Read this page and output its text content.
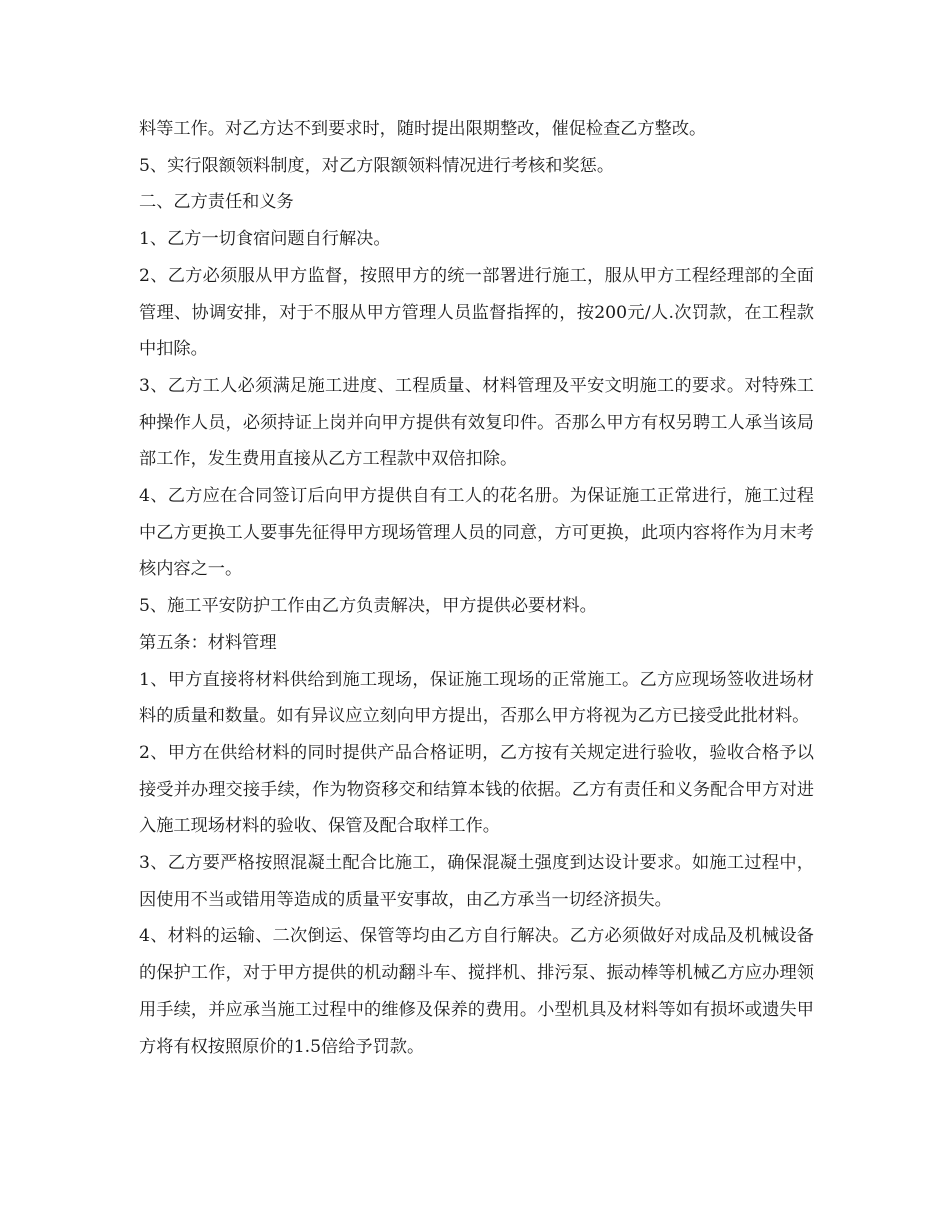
料等工作。对乙方达不到要求时，随时提出限期整改，催促检查乙方整改。

5、实行限额领料制度，对乙方限额领料情况进行考核和奖惩。

二、乙方责任和义务

1、乙方一切食宿问题自行解决。

2、乙方必须服从甲方监督，按照甲方的统一部署进行施工，服从甲方工程经理部的全面管理、协调安排，对于不服从甲方管理人员监督指挥的，按200元/人.次罚款，在工程款中扣除。

3、乙方工人必须满足施工进度、工程质量、材料管理及平安文明施工的要求。对特殊工种操作人员，必须持证上岗并向甲方提供有效复印件。否那么甲方有权另聘工人承当该局部工作，发生费用直接从乙方工程款中双倍扣除。

4、乙方应在合同签订后向甲方提供自有工人的花名册。为保证施工正常进行，施工过程中乙方更换工人要事先征得甲方现场管理人员的同意，方可更换，此项内容将作为月末考核内容之一。

5、施工平安防护工作由乙方负责解决，甲方提供必要材料。

第五条：材料管理

1、甲方直接将材料供给到施工现场，保证施工现场的正常施工。乙方应现场签收进场材料的质量和数量。如有异议应立刻向甲方提出，否那么甲方将视为乙方已接受此批材料。

2、甲方在供给材料的同时提供产品合格证明，乙方按有关规定进行验收，验收合格予以接受并办理交接手续，作为物资移交和结算本钱的依据。乙方有责任和义务配合甲方对进入施工现场材料的验收、保管及配合取样工作。

3、乙方要严格按照混凝土配合比施工，确保混凝土强度到达设计要求。如施工过程中，因使用不当或错用等造成的质量平安事故，由乙方承当一切经济损失。

4、材料的运输、二次倒运、保管等均由乙方自行解决。乙方必须做好对成品及机械设备的保护工作，对于甲方提供的机动翻斗车、搅拌机、排污泵、振动棒等机械乙方应办理领用手续，并应承当施工过程中的维修及保养的费用。小型机具及材料等如有损坏或遗失甲方将有权按照原价的1.5倍给予罚款。
